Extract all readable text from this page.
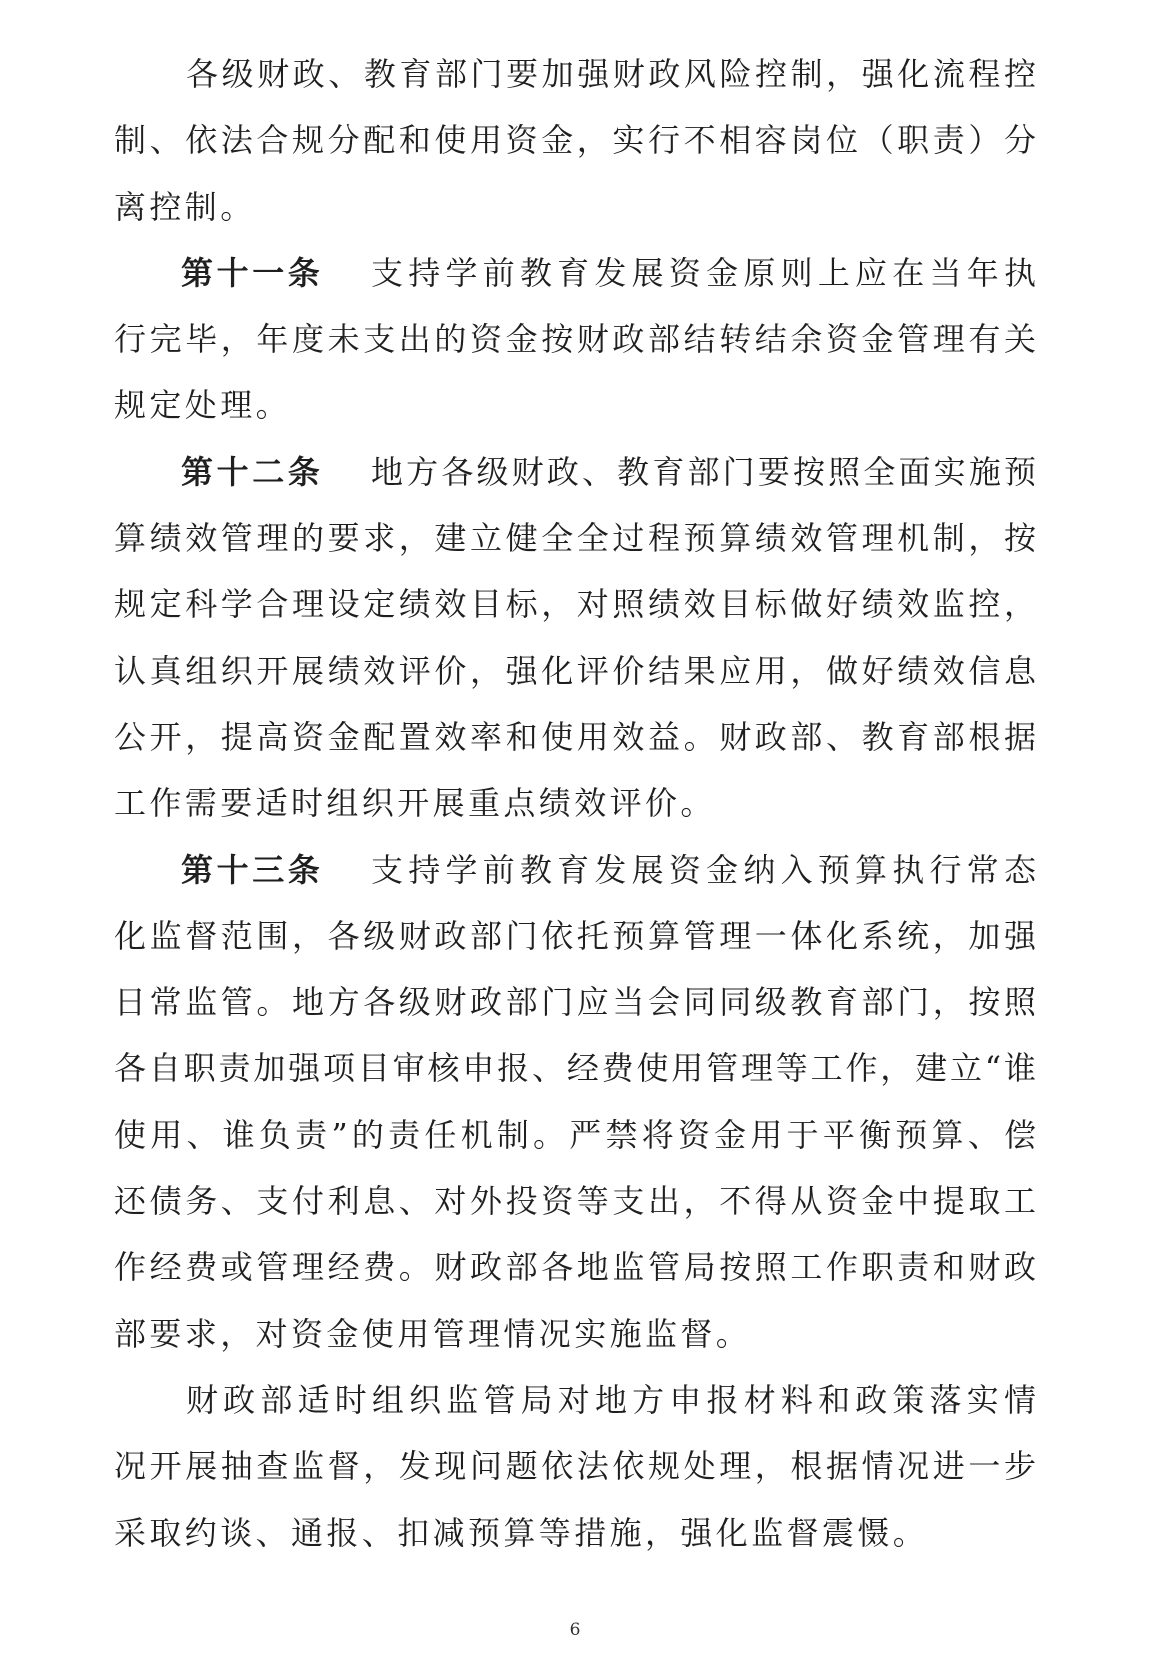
各级财政、教育部门要加强财政风险控制，强化流程控
制、依法合规分配和使用资金，实行不相容岗位（职责）分
离控制。
第十一条 支持学前教育发展资金原则上应在当年执
行完毕，年度未支出的资金按财政部结转结余资金管理有关
规定处理。
第十二条 地方各级财政、教育部门要按照全面实施预
算绩效管理的要求，建立健全全过程预算绩效管理机制，按
规定科学合理设定绩效目标，对照绩效目标做好绩效监控，
认真组织开展绩效评价，强化评价结果应用，做好绩效信息
公开，提高资金配置效率和使用效益。财政部、教育部根据
工作需要适时组织开展重点绩效评价。
第十三条 支持学前教育发展资金纳入预算执行常态
化监督范围，各级财政部门依托预算管理一体化系统，加强
日常监管。地方各级财政部门应当会同同级教育部门，按照
各自职责加强项目审核申报、经费使用管理等工作，建立“谁
使用、谁负责”的责任机制。严禁将资金用于平衡预算、偿
还债务、支付利息、对外投资等支出，不得从资金中提取工
作经费或管理经费。财政部各地监管局按照工作职责和财政
部要求，对资金使用管理情况实施监督。
财政部适时组织监管局对地方申报材料和政策落实情
况开展抽查监督，发现问题依法依规处理，根据情况进一步
采取约谈、通报、扣减预算等措施，强化监督震慑。
6
